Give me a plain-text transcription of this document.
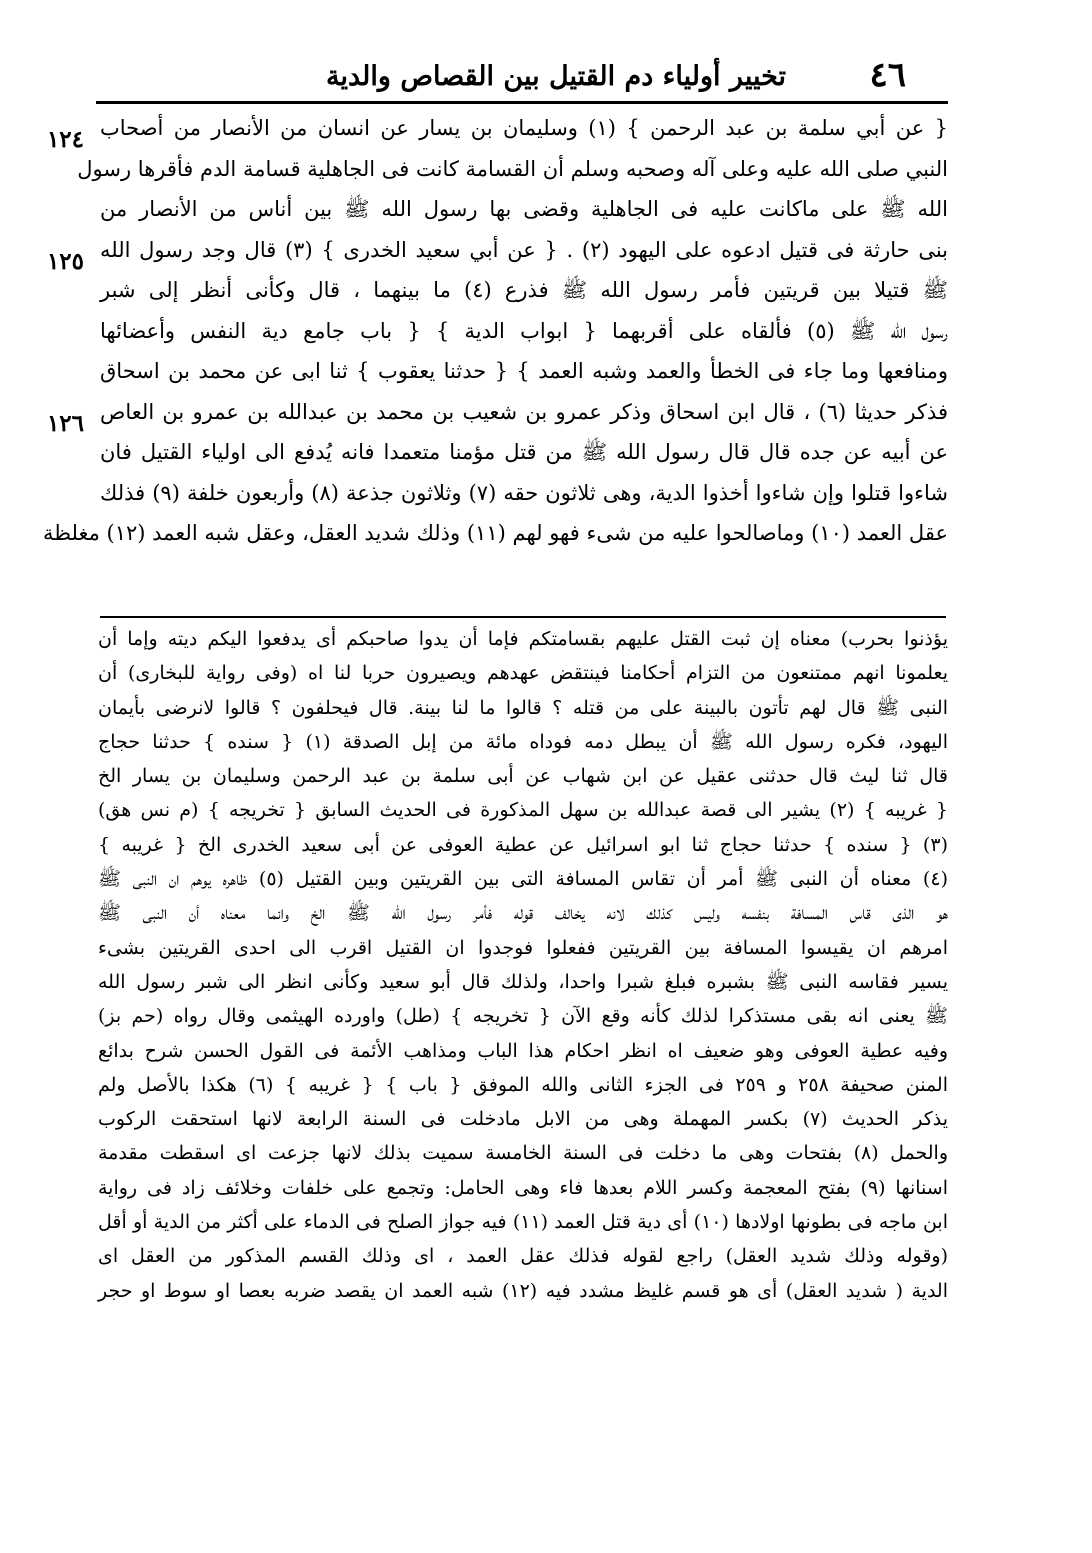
٤٦
تخيير أولياء دم القتيل بين القصاص والدية
١٢٤
١٢٥
١٢٦
{ عن أبي سلمة بن عبد الرحمن } (١) وسليمان بن يسار عن انسان من الأنصار من أصحاب
النبي صلى الله عليه وعلى آله وصحبه وسلم أن القسامة كانت فى الجاهلية قسامة الدم فأقرها رسول
الله ﷺ على ماكانت عليه فى الجاهلية وقضى بها رسول الله ﷺ بين أناس من الأنصار من
بنى حارثة فى قتيل ادعوه على اليهود (٢) . { عن أبي سعيد الخدرى } (٣) قال وجد رسول الله
ﷺ قتيلا بين قريتين فأمر رسول الله ﷺ فذرع (٤) ما بينهما ، قال وكأنى أنظر إلى شبر
رسول الله ﷺ (٥) فألقاه على أقربهما { ابواب الدية } { باب جامع دية النفس وأعضائها
ومنافعها وما جاء فى الخطأ والعمد وشبه العمد } { حدثنا يعقوب } ثنا ابى عن محمد بن اسحاق
فذكر حديثا (٦) ، قال ابن اسحاق وذكر عمرو بن شعيب بن محمد بن عبدالله بن عمرو بن العاص
عن أبيه عن جده قال قال رسول الله ﷺ من قتل مؤمنا متعمدا فانه يُدفع الى اولياء القتيل فان
شاءوا قتلوا وإن شاءوا أخذوا الدية، وهى ثلاثون حقه (٧) وثلاثون جذعة (٨) وأربعون خلفة (٩) فذلك
عقل العمد (١٠) وماصالحوا عليه من شىء فهو لهم (١١) وذلك شديد العقل، وعقل شبه العمد (١٢) مغلظة
يؤذنوا بحرب) معناه إن ثبت القتل عليهم بقسامتكم فإما أن يدوا صاحبكم أى يدفعوا اليكم ديته وإما أن
يعلمونا انهم ممتنعون من التزام أحكامنا فينتقض عهدهم ويصيرون حربا لنا اه (وفى رواية للبخارى) أن
النبى ﷺ قال لهم تأتون بالبينة على من قتله ؟ قالوا ما لنا بينة. قال فيحلفون ؟ قالوا لانرضى بأيمان
اليهود، فكره رسول الله ﷺ أن يبطل دمه فوداه مائة من إبل الصدقة (١) { سنده } حدثنا حجاج
قال ثنا ليث قال حدثنى عقيل عن ابن شهاب عن أبى سلمة بن عبد الرحمن وسليمان بن يسار الخ
{ غريبه } (٢) يشير الى قصة عبدالله بن سهل المذكورة فى الحديث السابق { تخريجه } (م نس هق)
(٣) { سنده } حدثنا حجاج ثنا ابو اسرائيل عن عطية العوفى عن أبى سعيد الخدرى الخ { غريبه }
(٤) معناه أن النبى ﷺ أمر أن تقاس المسافة التى بين القريتين وبين القتيل (٥) ظاهره يوهم ان النبى ﷺ
هو الذى قاس المسافة بنفسه وليس كذلك لانه يخالف قوله فأمر رسول الله ﷺ الخ وانما معناه أن النبى ﷺ
امرهم ان يقيسوا المسافة بين القريتين ففعلوا فوجدوا ان القتيل اقرب الى احدى القريتين بشىء
يسير فقاسه النبى ﷺ بشبره فبلغ شبرا واحدا، ولذلك قال أبو سعيد وكأنى انظر الى شبر رسول الله
ﷺ يعنى انه بقى مستذكرا لذلك كأنه وقع الآن { تخريجه } (طل) واورده الهيثمى وقال رواه (حم بز)
وفيه عطية العوفى وهو ضعيف اه انظر احكام هذا الباب ومذاهب الأئمة فى القول الحسن شرح بدائع
المنن صحيفة ٢٥٨ و ٢٥٩ فى الجزء الثانى والله الموفق { باب } { غريبه } (٦) هكذا بالأصل ولم
يذكر الحديث (٧) بكسر المهملة وهى من الابل مادخلت فى السنة الرابعة لانها استحقت الركوب
والحمل (٨) بفتحات وهى ما دخلت فى السنة الخامسة سميت بذلك لانها جزعت اى اسقطت مقدمة
اسنانها (٩) بفتح المعجمة وكسر اللام بعدها فاء وهى الحامل: وتجمع على خلفات وخلائف زاد فى رواية
ابن ماجه فى بطونها اولادها (١٠) أى دية قتل العمد (١١) فيه جواز الصلح فى الدماء على أكثر من الدية أو أقل
(وقوله وذلك شديد العقل) راجع لقوله فذلك عقل العمد ، اى وذلك القسم المذكور من العقل اى
الدية ( شديد العقل) أى هو قسم غليظ مشدد فيه (١٢) شبه العمد ان يقصد ضربه بعصا او سوط او حجر
